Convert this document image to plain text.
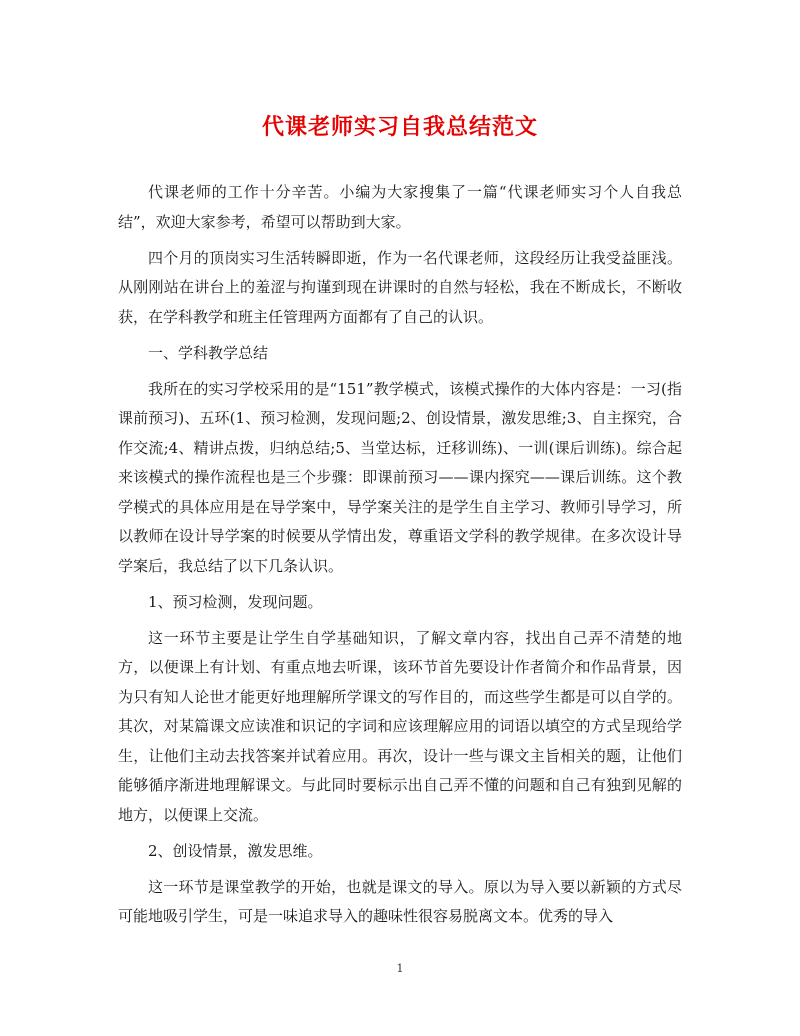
代课老师实习自我总结范文

代课老师的工作十分辛苦。小编为大家搜集了一篇“代课老师实习个人自我总结”，欢迎大家参考，希望可以帮助到大家。

四个月的顶岗实习生活转瞬即逝，作为一名代课老师，这段经历让我受益匪浅。从刚刚站在讲台上的羞涩与拘谨到现在讲课时的自然与轻松，我在不断成长，不断收获，在学科教学和班主任管理两方面都有了自己的认识。

一、学科教学总结

我所在的实习学校采用的是“151”教学模式，该模式操作的大体内容是：一习(指课前预习)、五环(1、预习检测，发现问题;2、创设情景，激发思维;3、自主探究，合作交流;4、精讲点拨，归纳总结;5、当堂达标，迁移训练)、一训(课后训练)。综合起来该模式的操作流程也是三个步骤：即课前预习——课内探究——课后训练。这个教学模式的具体应用是在导学案中，导学案关注的是学生自主学习、教师引导学习，所以教师在设计导学案的时候要从学情出发，尊重语文学科的教学规律。在多次设计导学案后，我总结了以下几条认识。

1、预习检测，发现问题。

这一环节主要是让学生自学基础知识，了解文章内容，找出自己弄不清楚的地方，以便课上有计划、有重点地去听课，该环节首先要设计作者简介和作品背景，因为只有知人论世才能更好地理解所学课文的写作目的，而这些学生都是可以自学的。其次，对某篇课文应读准和识记的字词和应该理解应用的词语以填空的方式呈现给学生，让他们主动去找答案并试着应用。再次，设计一些与课文主旨相关的题，让他们能够循序渐进地理解课文。与此同时要标示出自己弄不懂的问题和自己有独到见解的地方，以便课上交流。

2、创设情景，激发思维。

这一环节是课堂教学的开始，也就是课文的导入。原以为导入要以新颖的方式尽可能地吸引学生，可是一味追求导入的趣味性很容易脱离文本。优秀的导入

1
